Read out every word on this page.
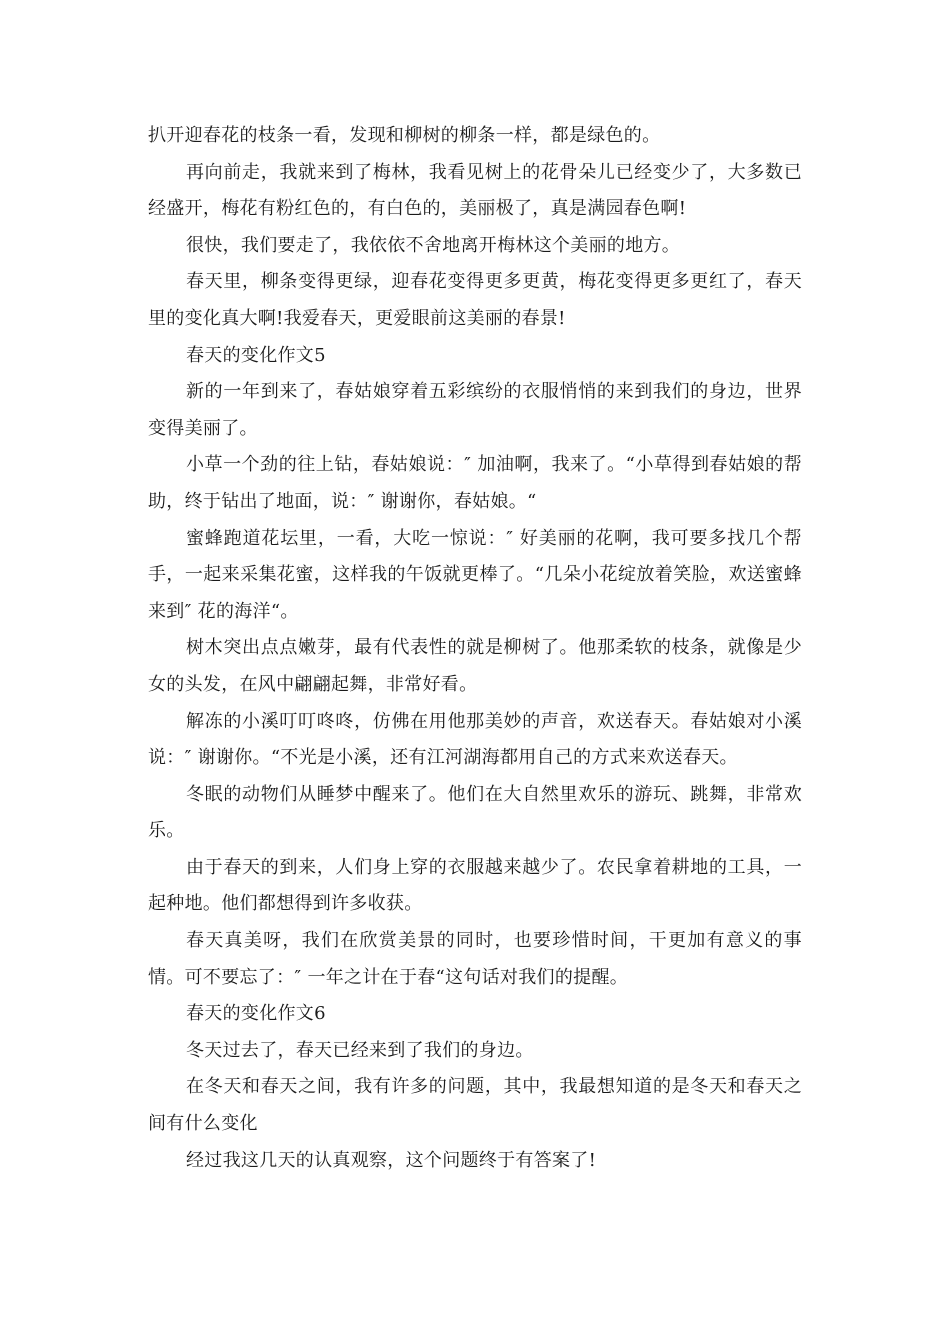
扒开迎春花的枝条一看，发现和柳树的柳条一样，都是绿色的。

再向前走，我就来到了梅林，我看见树上的花骨朵儿已经变少了，大多数已经盛开，梅花有粉红色的，有白色的，美丽极了，真是满园春色啊!

很快，我们要走了，我依依不舍地离开梅林这个美丽的地方。

春天里，柳条变得更绿，迎春花变得更多更黄，梅花变得更多更红了，春天里的变化真大啊!我爱春天，更爱眼前这美丽的春景!

春天的变化作文5

新的一年到来了，春姑娘穿着五彩缤纷的衣服悄悄的来到我们的身边，世界变得美丽了。

小草一个劲的往上钻，春姑娘说：″ 加油啊，我来了。“小草得到春姑娘的帮助，终于钻出了地面，说：″ 谢谢你，春姑娘。“

蜜蜂跑道花坛里，一看，大吃一惊说：″ 好美丽的花啊，我可要多找几个帮手，一起来采集花蜜，这样我的午饭就更棒了。“几朵小花绽放着笑脸，欢送蜜蜂来到″ 花的海洋“。

树木突出点点嫩芽，最有代表性的就是柳树了。他那柔软的枝条，就像是少女的头发，在风中翩翩起舞，非常好看。

解冻的小溪叮叮咚咚，仿佛在用他那美妙的声音，欢送春天。春姑娘对小溪说：″ 谢谢你。“不光是小溪，还有江河湖海都用自己的方式来欢送春天。

冬眠的动物们从睡梦中醒来了。他们在大自然里欢乐的游玩、跳舞，非常欢乐。

由于春天的到来，人们身上穿的衣服越来越少了。农民拿着耕地的工具，一起种地。他们都想得到许多收获。

春天真美呀，我们在欣赏美景的同时，也要珍惜时间，干更加有意义的事情。可不要忘了：″ 一年之计在于春“这句话对我们的提醒。

春天的变化作文6

冬天过去了，春天已经来到了我们的身边。

在冬天和春天之间，我有许多的问题，其中，我最想知道的是冬天和春天之间有什么变化

经过我这几天的认真观察，这个问题终于有答案了!
